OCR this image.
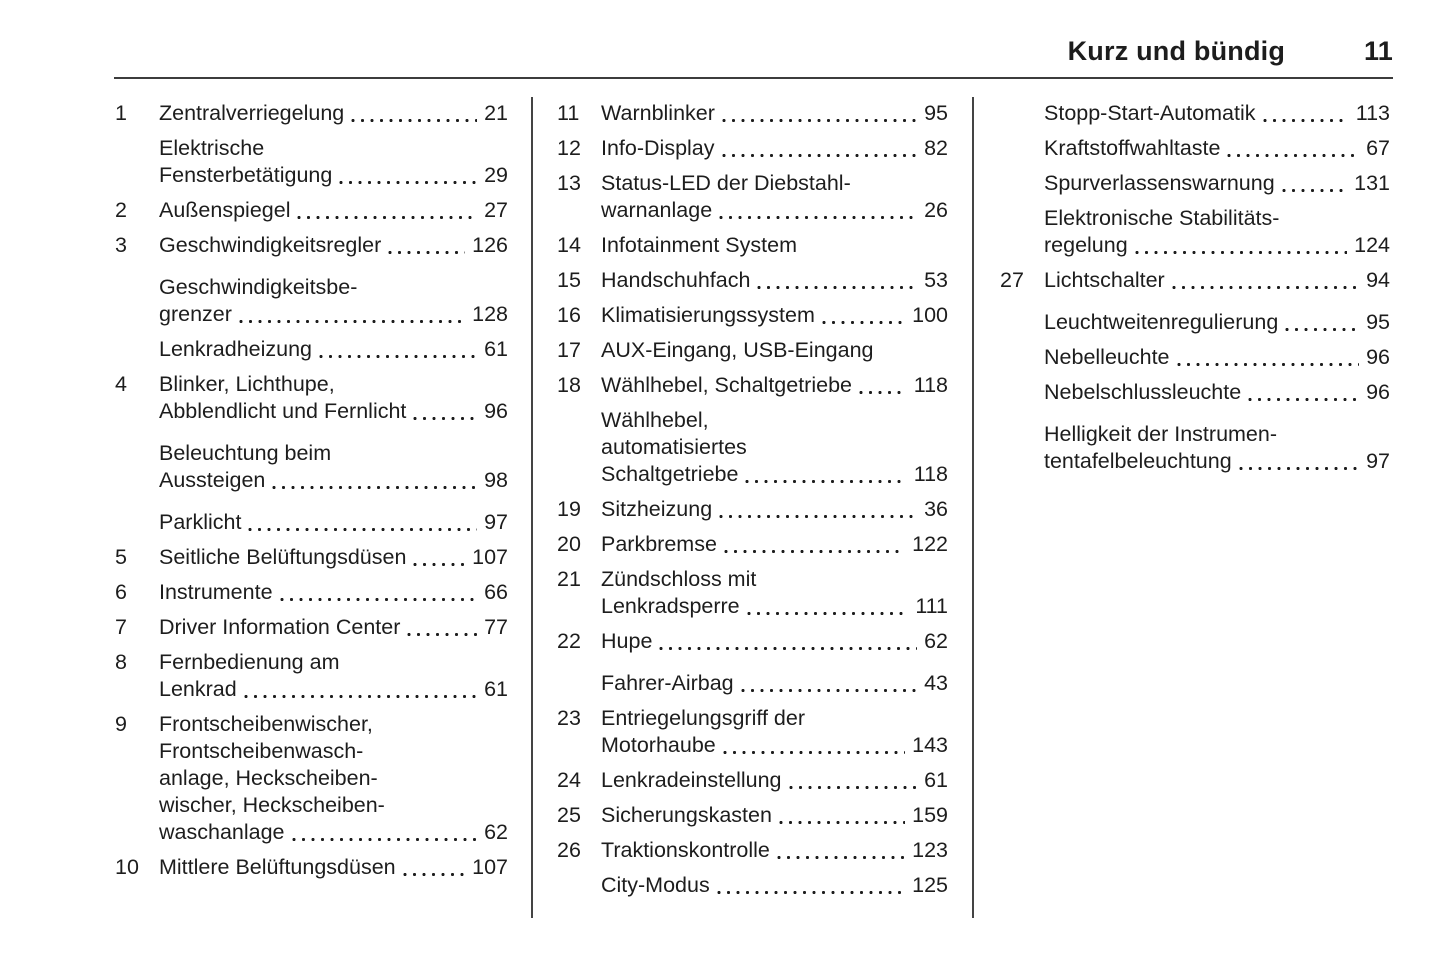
Kurz und bündig	11
1	Zentralverriegelung	21
Elektrische
Fensterbetätigung	29
2	Außenspiegel	27
3	Geschwindigkeitsregler	126
Geschwindigkeitsbe-
grenzer	128
Lenkradheizung	61
4	Blinker, Lichthupe,
Abblendlicht und Fernlicht	96
Beleuchtung beim
Aussteigen	98
Parklicht	97
5	Seitliche Belüftungsdüsen	107
6	Instrumente	66
7	Driver Information Center	77
8	Fernbedienung am
Lenkrad	61
9	Frontscheibenwischer,
Frontscheibenwasch-
anlage, Heckscheiben-
wischer, Heckscheiben-
waschanlage	62
10 Mittlere Belüftungsdüsen	107
11	Warnblinker	95
12 Info-Display	82
13 Status-LED der Diebstahl-
warnanlage	26
14 Infotainment System
15 Handschuhfach	53
16 Klimatisierungssystem	100
17 AUX-Eingang, USB-Eingang
18 Wählhebel, Schaltgetriebe	118
Wählhebel,
automatisiertes
Schaltgetriebe	118
19 Sitzheizung	36
20 Parkbremse	122
21 Zündschloss mit
Lenkradsperre	111
22 Hupe	62
Fahrer-Airbag	43
23 Entriegelungsgriff der
Motorhaube	143
24 Lenkradeinstellung	61
25 Sicherungskasten	159
26 Traktionskontrolle	123
City-Modus	125
Stopp-Start-Automatik	113
Kraftstoffwahltaste	67
Spurverlassenswarnung	131
Elektronische Stabilitäts-
regelung	124
27 Lichtschalter	94
Leuchtweitenregulierung	95
Nebelleuchte	96
Nebelschlussleuchte	96
Helligkeit der Instrumen-
tentafelbeleuchtung	97
